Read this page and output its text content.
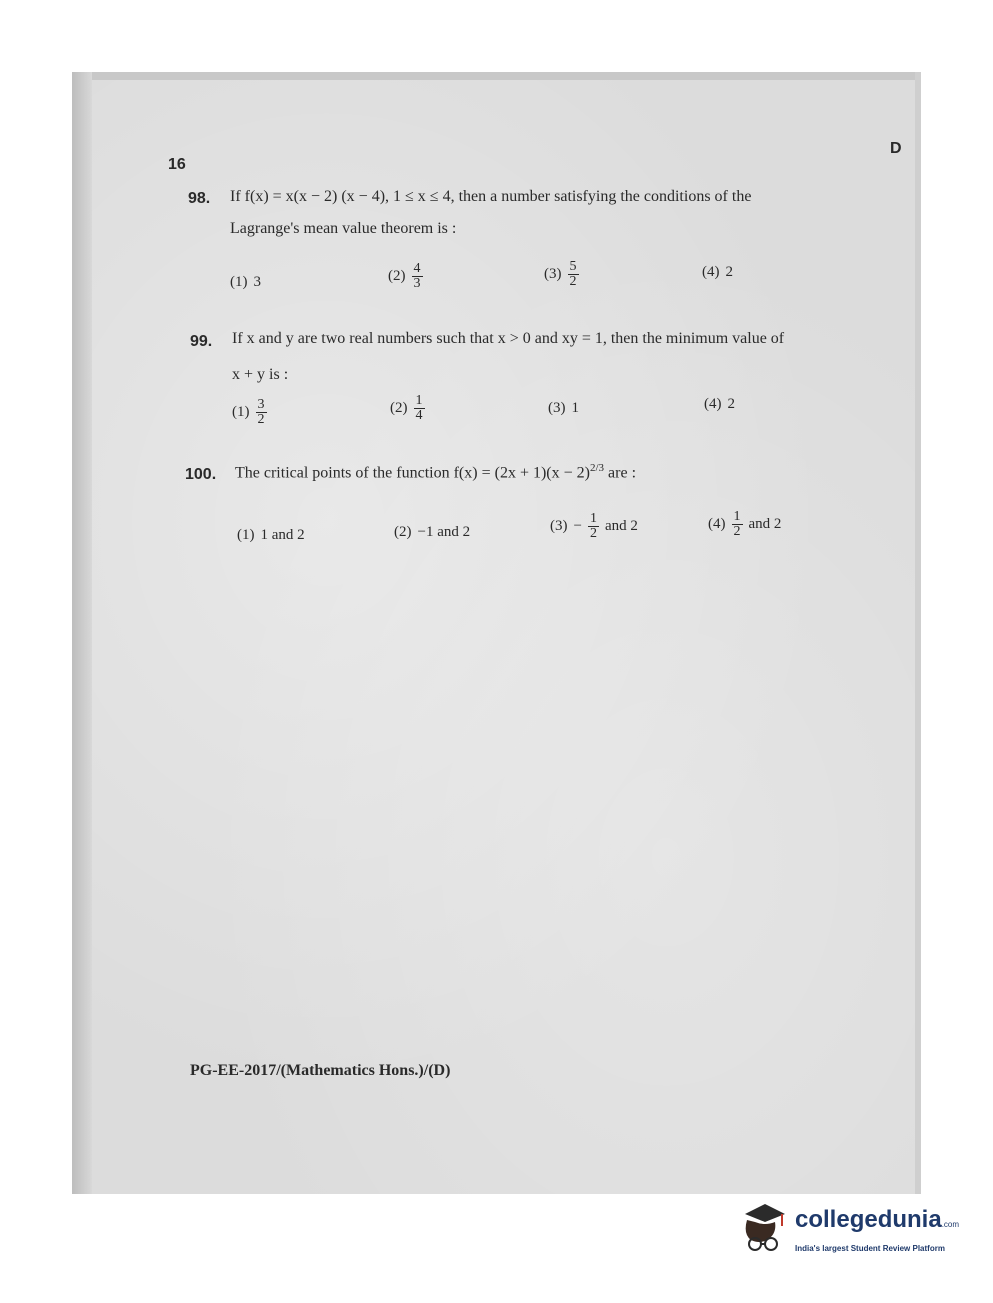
16
D
98. If f(x) = x(x − 2) (x − 4), 1 ≤ x ≤ 4, then a number satisfying the conditions of the
Lagrange's mean value theorem is :
(1) 3	$(2) \frac{4}{3}$	$(3) \frac{5}{2}$	(4) 2
99. If x and y are two real numbers such that x > 0 and xy = 1, then the minimum value of
x + y is :
$(1) \frac{3}{2}$	$(2) \frac{1}{4}$	(3) 1	(4) 2
100. The critical points of the function $f(x) = (2x + 1)(x - 2)^{2/3}$ are :
(1) 1 and 2	(2) −1 and 2	$(3) - \frac{1}{2}$ and 2	$(4) \frac{1}{2}$ and 2
PG-EE-2017/(Mathematics Hons.)/(D)
collegedunia.com
India's largest Student Review Platform
